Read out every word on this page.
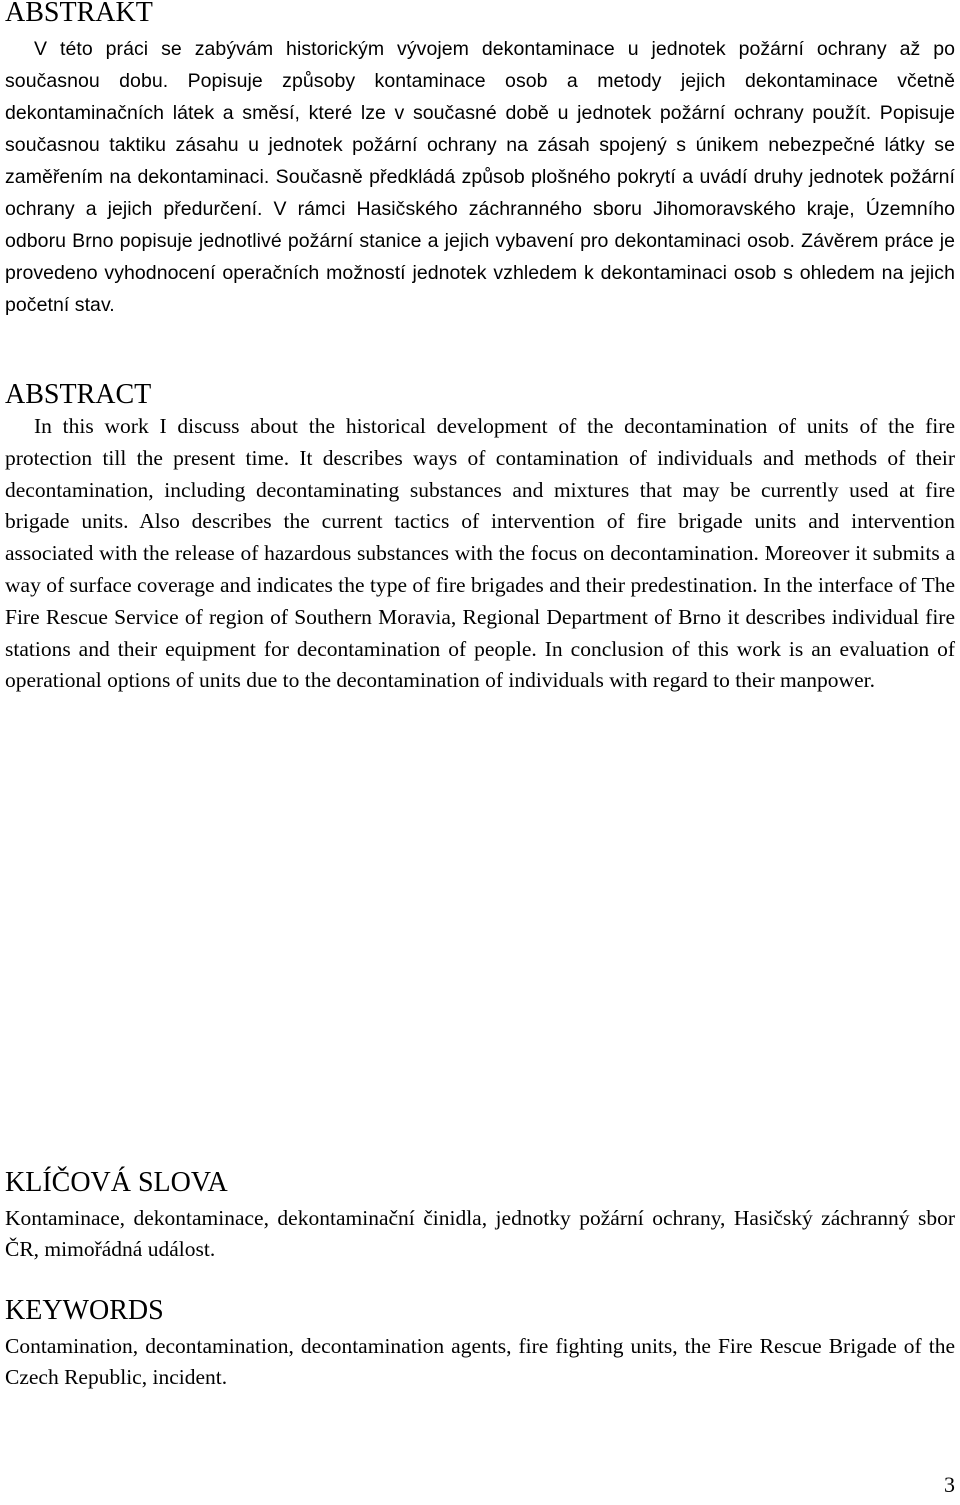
ABSTRAKT

V této práci se zabývám historickým vývojem dekontaminace u jednotek požární ochrany až po současnou dobu. Popisuje způsoby kontaminace osob a metody jejich dekontaminace včetně dekontaminačních látek a směsí, které lze v současné době u jednotek požární ochrany použít. Popisuje současnou taktiku zásahu u jednotek požární ochrany na zásah spojený s únikem nebezpečné látky se zaměřením na dekontaminaci. Současně předkládá způsob plošného pokrytí a uvádí druhy jednotek požární ochrany a jejich předurčení. V rámci Hasičského záchranného sboru Jihomoravského kraje, Územního odboru Brno popisuje jednotlivé požární stanice a jejich vybavení pro dekontaminaci osob. Závěrem práce je provedeno vyhodnocení operačních možností jednotek vzhledem k dekontaminaci osob s ohledem na jejich početní stav.

ABSTRACT

In this work I discuss about the historical development of the decontamination of units of the fire protection till the present time. It describes ways of contamination of individuals and methods of their decontamination, including decontaminating substances and mixtures that may be currently used at fire brigade units. Also describes the current tactics of intervention of fire brigade units and intervention associated with the release of hazardous substances with the focus on decontamination. Moreover it submits a way of surface coverage and indicates the type of fire brigades and their predestination. In the interface of The Fire Rescue Service of region of Southern Moravia, Regional Department of Brno it describes individual fire stations and their equipment for decontamination of people. In conclusion of this work is an evaluation of operational options of units due to the decontamination of individuals with regard to their manpower.

KLÍČOVÁ SLOVA

Kontaminace, dekontaminace, dekontaminační činidla, jednotky požární ochrany, Hasičský záchranný sbor ČR, mimořádná událost.

KEYWORDS

Contamination, decontamination, decontamination agents, fire fighting units, the Fire Rescue Brigade of the Czech Republic, incident.

3
